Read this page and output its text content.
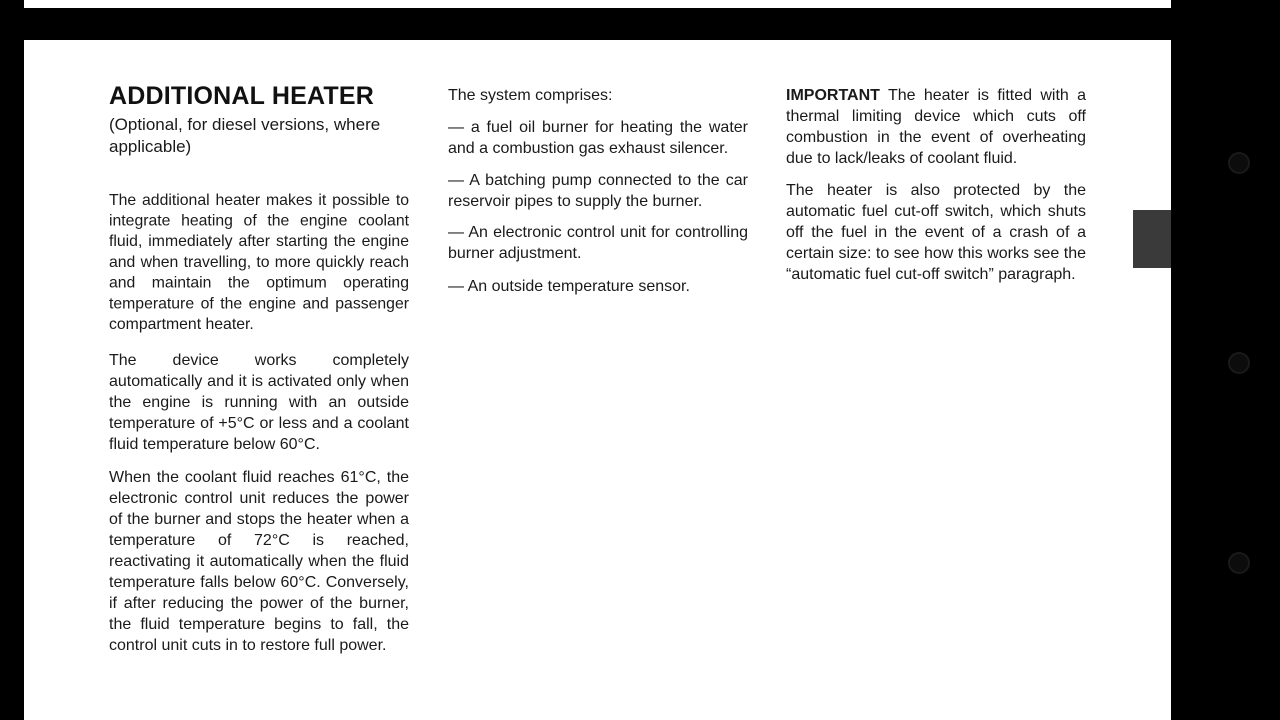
ADDITIONAL HEATER

(Optional, for diesel versions, where applicable)

The additional heater makes it possible to integrate heating of the engine coolant fluid, immediately after starting the engine and when travelling, to more quickly reach and maintain the optimum operating temperature of the engine and passenger compartment heater.

The device works completely automatically and it is activated only when the engine is running with an outside temperature of +5°C or less and a coolant fluid temperature below 60°C.

When the coolant fluid reaches 61°C, the electronic control unit reduces the power of the burner and stops the heater when a temperature of 72°C is reached, reactivating it automatically when the fluid temperature falls below 60°C. Conversely, if after reducing the power of the burner, the fluid temperature begins to fall, the control unit cuts in to restore full power.

The system comprises:

— a fuel oil burner for heating the water and a combustion gas exhaust silencer.

— A batching pump connected to the car reservoir pipes to supply the burner.

— An electronic control unit for controlling burner adjustment.

— An outside temperature sensor.

IMPORTANT The heater is fitted with a thermal limiting device which cuts off combustion in the event of overheating due to lack/leaks of coolant fluid.

The heater is also protected by the automatic fuel cut-off switch, which shuts off the fuel in the event of a crash of a certain size: to see how this works see the “automatic fuel cut-off switch” paragraph.
